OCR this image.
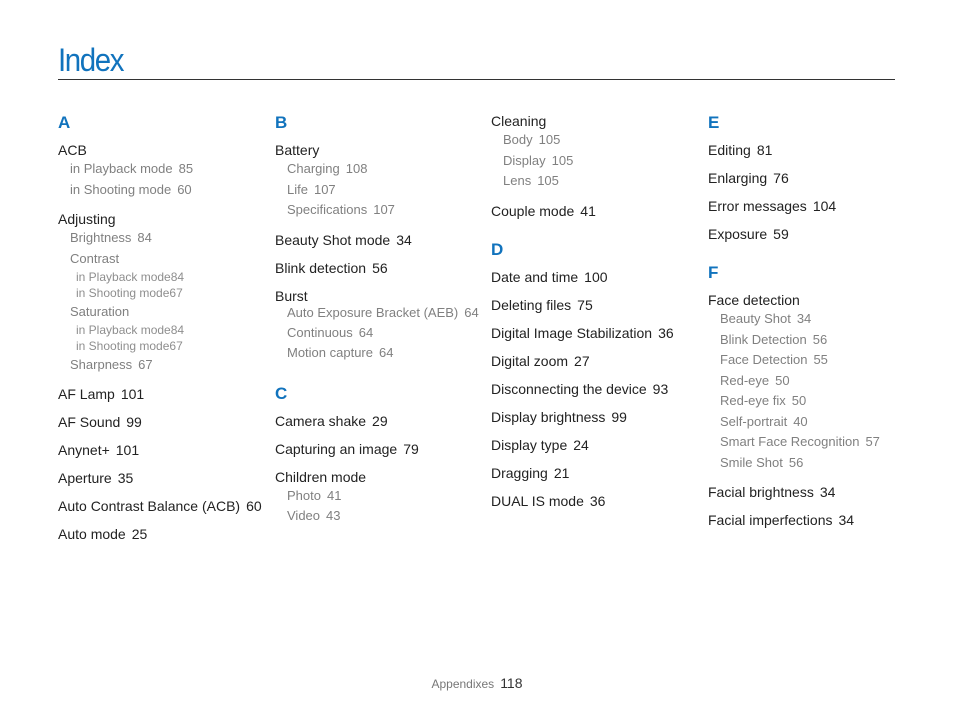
Index
A
ACB
in Playback mode 85
in Shooting mode 60
Adjusting
Brightness 84
Contrast
in Playback mode84
in Shooting mode67
Saturation
in Playback mode84
in Shooting mode67
Sharpness 67
AF Lamp 101
AF Sound 99
Anynet+ 101
Aperture 35
Auto Contrast Balance (ACB) 60
Auto mode 25
B
Battery
Charging 108
Life 107
Specifications 107
Beauty Shot mode 34
Blink detection 56
Burst
Auto Exposure Bracket (AEB) 64
Continuous 64
Motion capture 64
C
Camera shake 29
Capturing an image 79
Children mode
Photo 41
Video 43
Cleaning
Body 105
Display 105
Lens 105
Couple mode 41
D
Date and time 100
Deleting files 75
Digital Image Stabilization 36
Digital zoom 27
Disconnecting the device 93
Display brightness 99
Display type 24
Dragging 21
DUAL IS mode 36
E
Editing 81
Enlarging 76
Error messages 104
Exposure 59
F
Face detection
Beauty Shot 34
Blink Detection 56
Face Detection 55
Red-eye 50
Red-eye fix 50
Self-portrait 40
Smart Face Recognition 57
Smile Shot 56
Facial brightness 34
Facial imperfections 34
Appendixes 118
